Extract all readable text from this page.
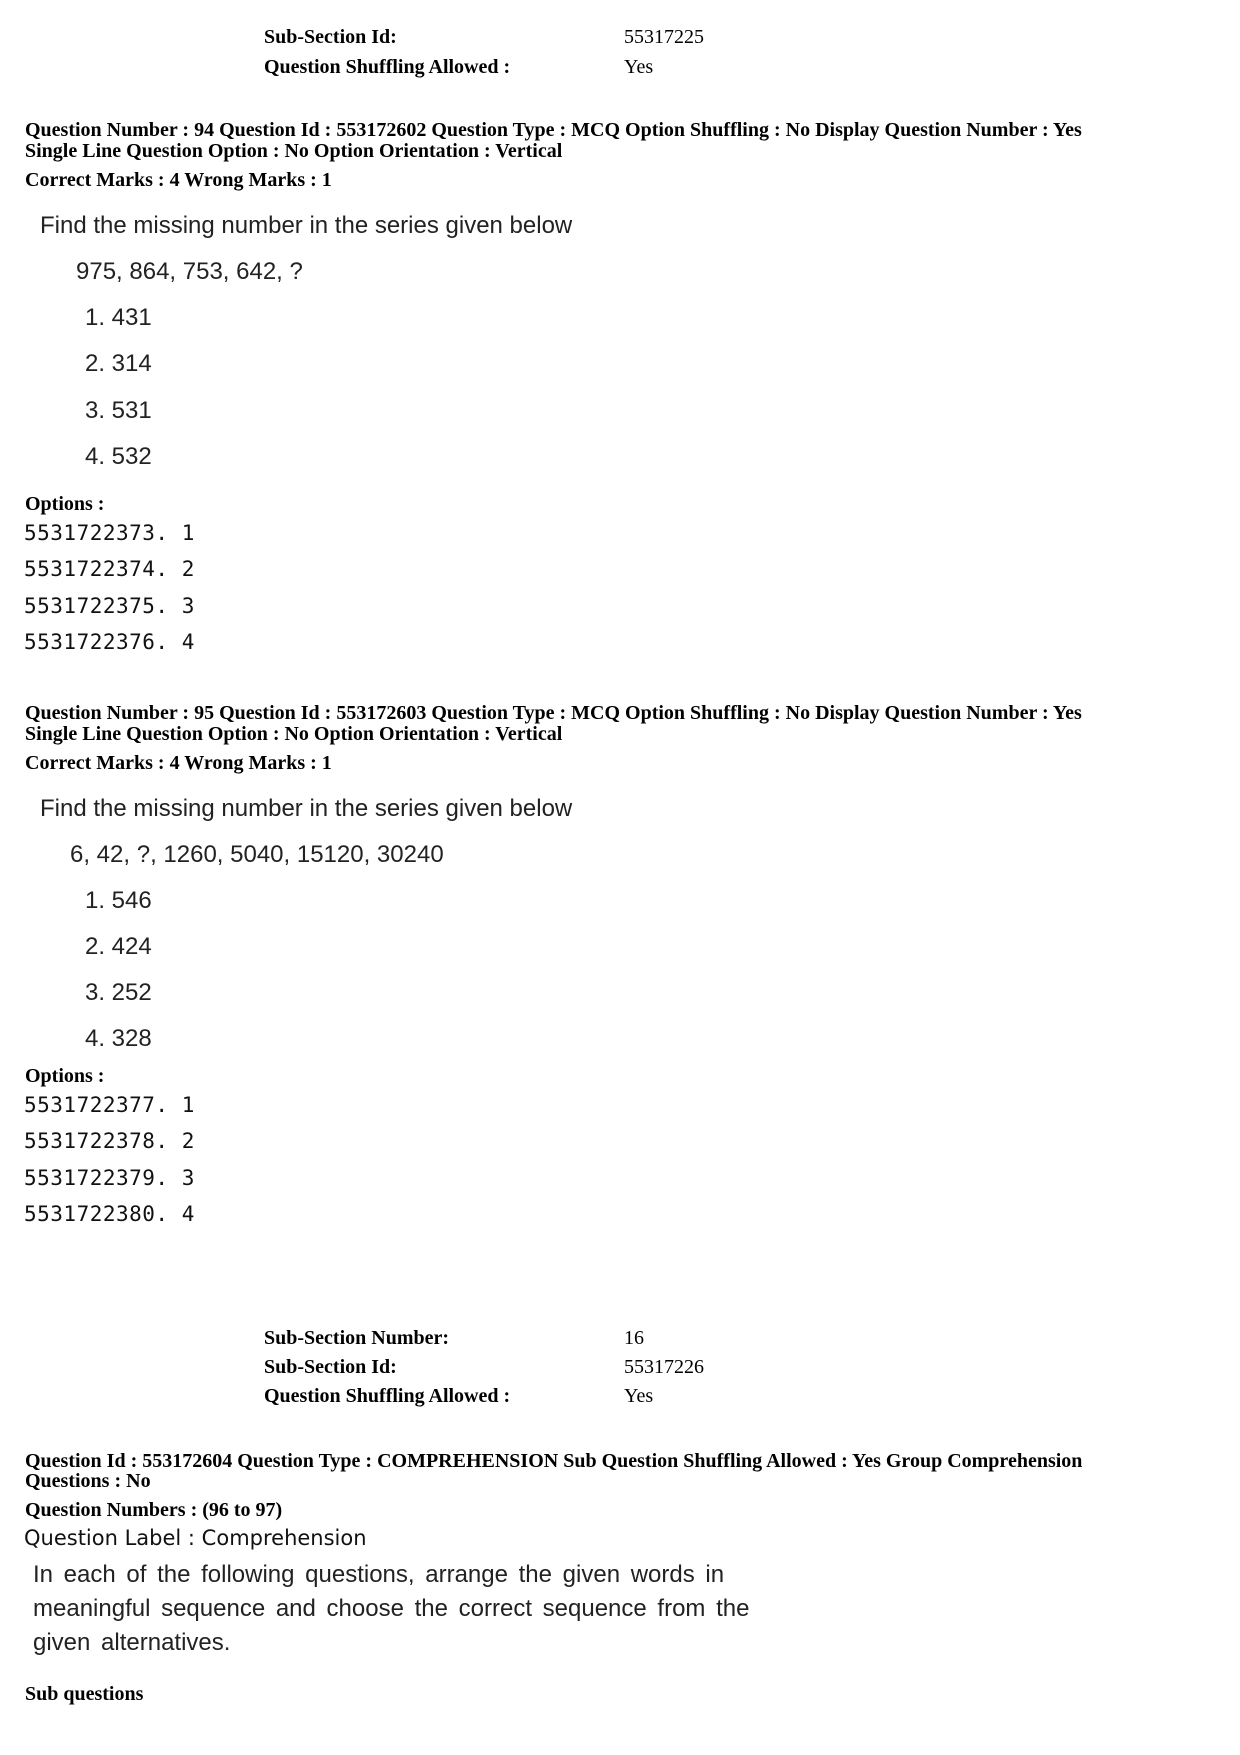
Sub-Section Id:	55317225
Question Shuffling Allowed :	Yes
Question Number : 94 Question Id : 553172602 Question Type : MCQ Option Shuffling : No Display Question Number : Yes
Single Line Question Option : No Option Orientation : Vertical
Correct Marks : 4 Wrong Marks : 1
Find the missing number in the series given below
975, 864, 753, 642, ?
1. 431
2. 314
3. 531
4. 532
Options :
5531722373. 1
5531722374. 2
5531722375. 3
5531722376. 4
Question Number : 95 Question Id : 553172603 Question Type : MCQ Option Shuffling : No Display Question Number : Yes
Single Line Question Option : No Option Orientation : Vertical
Correct Marks : 4 Wrong Marks : 1
Find the missing number in the series given below
6, 42, ?, 1260, 5040, 15120, 30240
1. 546
2. 424
3. 252
4. 328
Options :
5531722377. 1
5531722378. 2
5531722379. 3
5531722380. 4
Sub-Section Number:	16
Sub-Section Id:	55317226
Question Shuffling Allowed :	Yes
Question Id : 553172604 Question Type : COMPREHENSION Sub Question Shuffling Allowed : Yes Group Comprehension
Questions : No
Question Numbers : (96 to 97)
Question Label : Comprehension
In each of the following questions, arrange the given words in meaningful sequence and choose the correct sequence from the given alternatives.
Sub questions
